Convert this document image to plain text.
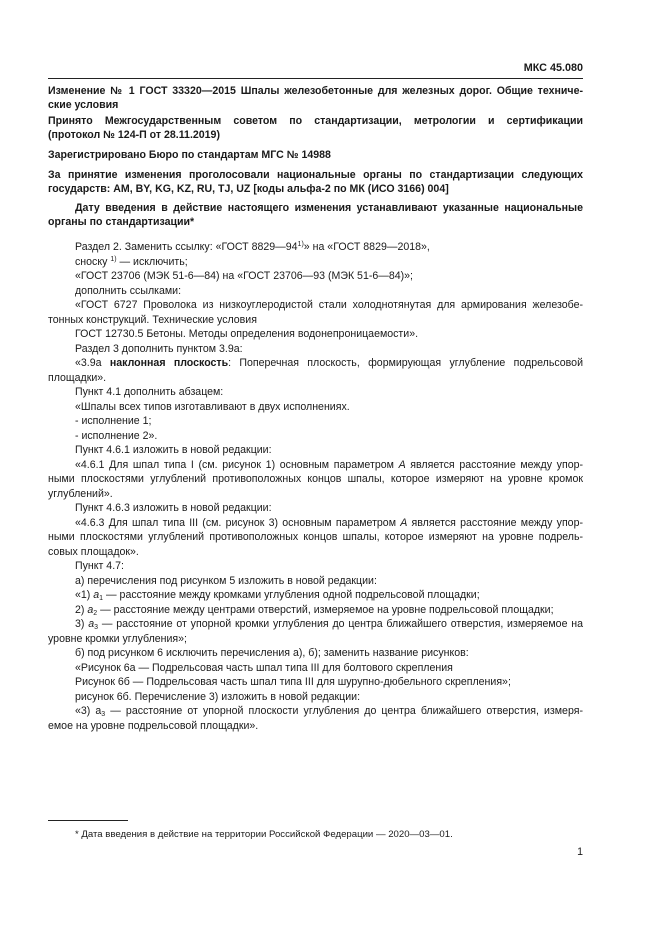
МКС 45.080
Изменение № 1 ГОСТ 33320—2015 Шпалы железобетонные для железных дорог. Общие техниче- ские условия
Принято Межгосударственным советом по стандартизации, метрологии и сертификации
(протокол № 124-П от 28.11.2019)
Зарегистрировано Бюро по стандартам МГС № 14988
За принятие изменения проголосовали национальные органы по стандартизации следующих государств: AM, BY, KG, KZ, RU, TJ, UZ [коды альфа-2 по МК (ИСО 3166) 004]
Дату введения в действие настоящего изменения устанавливают указанные национальные органы по стандартизации*

Раздел 2. Заменить ссылку: «ГОСТ 8829—94$^{1)}$» на «ГОСТ 8829—2018»,

сноску $^{1)}$ — исключить;

«ГОСТ 23706 (МЭК 51-6—84) на «ГОСТ 23706—93 (МЭК 51-6—84)»;

дополнить ссылками:

«ГОСТ 6727 Проволока из низкоуглеродистой стали холоднотянутая для армирования железобе- тонных конструкций. Технические условия

ГОСТ 12730.5 Бетоны. Методы определения водонепроницаемости».

Раздел 3 дополнить пунктом 3.9а:

«3.9а наклонная плоскость: Поперечная плоскость, формирующая углубление подрельсовой площадки».

Пункт 4.1 дополнить абзацем:

«Шпалы всех типов изготавливают в двух исполнениях.

- исполнение 1;

- исполнение 2».

Пункт 4.6.1 изложить в новой редакции:

«4.6.1 Для шпал типа I (см. рисунок 1) основным параметром А является расстояние между упор- ными плоскостями углублений противоположных концов шпалы, которое измеряют на уровне кромок углублений».

Пункт 4.6.3 изложить в новой редакции:

«4.6.3 Для шпал типа III (см. рисунок 3) основным параметром А является расстояние между упор- ными плоскостями углублений противоположных концов шпалы, которое измеряют на уровне подрель- совых площадок».

Пункт 4.7:

а) перечисления под рисунком 5 изложить в новой редакции:

«1) $a_1$ — расстояние между кромками углубления одной подрельсовой площадки;

2) $a_2$ — расстояние между центрами отверстий, измеряемое на уровне подрельсовой площадки;

3) $a_3$ — расстояние от упорной кромки углубления до центра ближайшего отверстия, измеряемое на уровне кромки углубления»;

б) под рисунком 6 исключить перечисления а), б); заменить название рисунков:

«Рисунок 6а — Подрельсовая часть шпал типа III для болтового скрепления

Рисунок 6б — Подрельсовая часть шпал типа III для шурупно-дюбельного скрепления»;

рисунок 6б. Перечисление 3) изложить в новой редакции:

«3) $a_3$ — расстояние от упорной плоскости углубления до центра ближайшего отверстия, измеря- емое на уровне подрельсовой площадки».

* Дата введения в действие на территории Российской Федерации — 2020—03—01.
1
